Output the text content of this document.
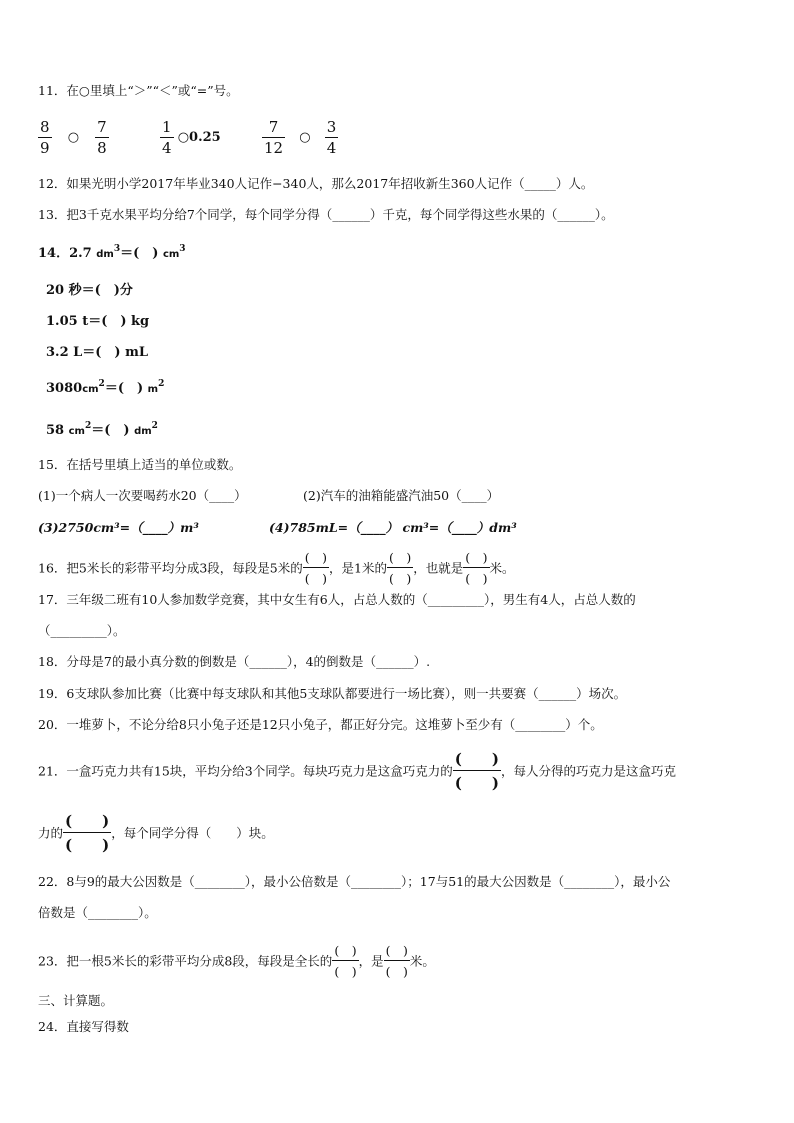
11．在○里填上“＞”“＜”或“=”号。
$\frac{8}{9}$ ○ $\frac{7}{8}$	$\frac{1}{4}$ ○0.25	$\frac{7}{12}$ ○ $\frac{3}{4}$
12．如果光明小学2017年毕业340人记作−340人，那么2017年招收新生360人记作（_____）人。
13．把3千克水果平均分给7个同学，每个同学分得（______）千克，每个同学得这些水果的（______）。
14．2.7 $dm^3=$(　) $cm^3$
20 秒＝(　)分
1.05 t＝(　) kg
3.2 L＝(　) mL
$3080cm^2=$(　) $m^2$
58 $cm^2=$(　) $dm^2$
15．在括号里填上适当的单位或数。
(1)一个病人一次要喝药水20（____）	(2)汽车的油箱能盛汽油50（____）
(3)2750cm³=（____）m³	(4)785mL=（____） cm³=（____）dm³
16．把5米长的彩带平均分成3段，每段是5米的 $\frac{( )}{( )}$ ，是1米的 $\frac{( )}{( )}$ ，也就是 $\frac{( )}{( )}$ 米。
17．三年级二班有10人参加数学竞赛，其中女生有6人，占总人数的（_________），男生有4人，占总人数的
（_________）。
18．分母是7的最小真分数的倒数是（______），4的倒数是（______）.
19．6支球队参加比赛（比赛中每支球队和其他5支球队都要进行一场比赛），则一共要赛（______）场次。
20．一堆萝卜，不论分给8只小兔子还是12只小兔子，都正好分完。这堆萝卜至少有（________）个。
21．一盒巧克力共有15块，平均分给3个同学。每块巧克力是这盒巧克力的 $\frac{( )}{( )}$ ，每人分得的巧克力是这盒巧克
力的 $\frac{( )}{( )}$ ，每个同学分得（　　）块。
22．8与9的最大公因数是（________），最小公倍数是（________）；17与51的最大公因数是（________），最小公
倍数是（________）。
23．把一根5米长的彩带平均分成8段，每段是全长的 $\frac{( )}{( )}$ ，是 $\frac{( )}{( )}$ 米。
三、计算题。
24．直接写得数
